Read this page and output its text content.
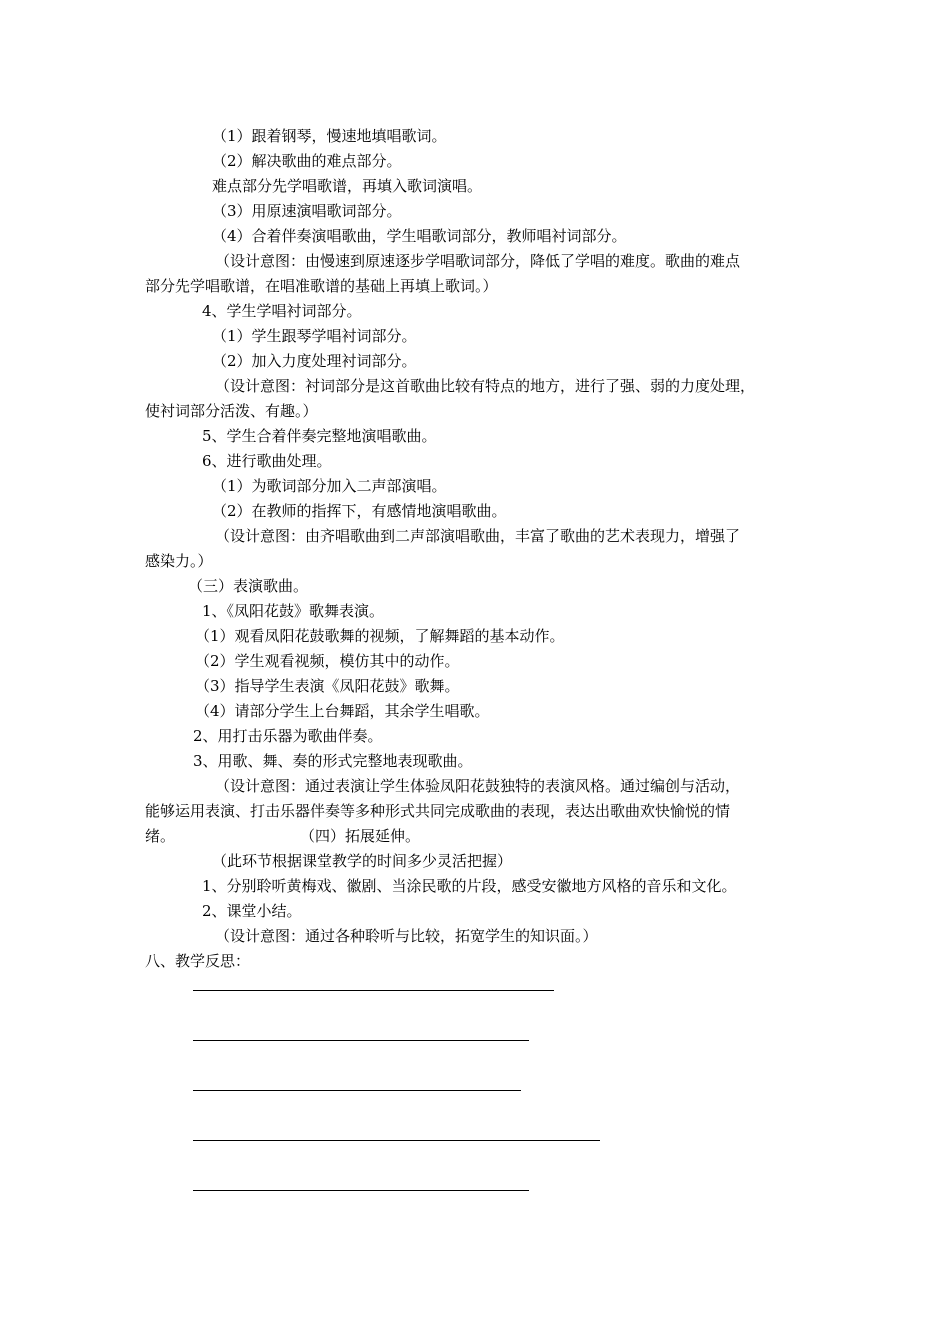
（1）跟着钢琴，慢速地填唱歌词。
（2）解决歌曲的难点部分。
难点部分先学唱歌谱，再填入歌词演唱。
（3）用原速演唱歌词部分。
（4）合着伴奏演唱歌曲，学生唱歌词部分，教师唱衬词部分。
（设计意图：由慢速到原速逐步学唱歌词部分，降低了学唱的难度。歌曲的难点
部分先学唱歌谱，在唱准歌谱的基础上再填上歌词。）
4、学生学唱衬词部分。
（1）学生跟琴学唱衬词部分。
（2）加入力度处理衬词部分。
（设计意图：衬词部分是这首歌曲比较有特点的地方，进行了强、弱的力度处理，
使衬词部分活泼、有趣。）
5、学生合着伴奏完整地演唱歌曲。
6、进行歌曲处理。
（1）为歌词部分加入二声部演唱。
（2）在教师的指挥下，有感情地演唱歌曲。
（设计意图：由齐唱歌曲到二声部演唱歌曲，丰富了歌曲的艺术表现力，增强了
感染力。）
（三）表演歌曲。
1、《凤阳花鼓》歌舞表演。
（1）观看凤阳花鼓歌舞的视频，了解舞蹈的基本动作。
（2）学生观看视频，模仿其中的动作。
（3）指导学生表演《凤阳花鼓》歌舞。
（4）请部分学生上台舞蹈，其余学生唱歌。
2、用打击乐器为歌曲伴奏。
3、用歌、舞、奏的形式完整地表现歌曲。
（设计意图：通过表演让学生体验凤阳花鼓独特的表演风格。通过编创与活动，
能够运用表演、打击乐器伴奏等多种形式共同完成歌曲的表现，表达出歌曲欢快愉悦的情
绪。	（四）拓展延伸。
（此环节根据课堂教学的时间多少灵活把握）
1、分别聆听黄梅戏、徽剧、当涂民歌的片段，感受安徽地方风格的音乐和文化。
2、课堂小结。
（设计意图：通过各种聆听与比较，拓宽学生的知识面。）
八、教学反思：
